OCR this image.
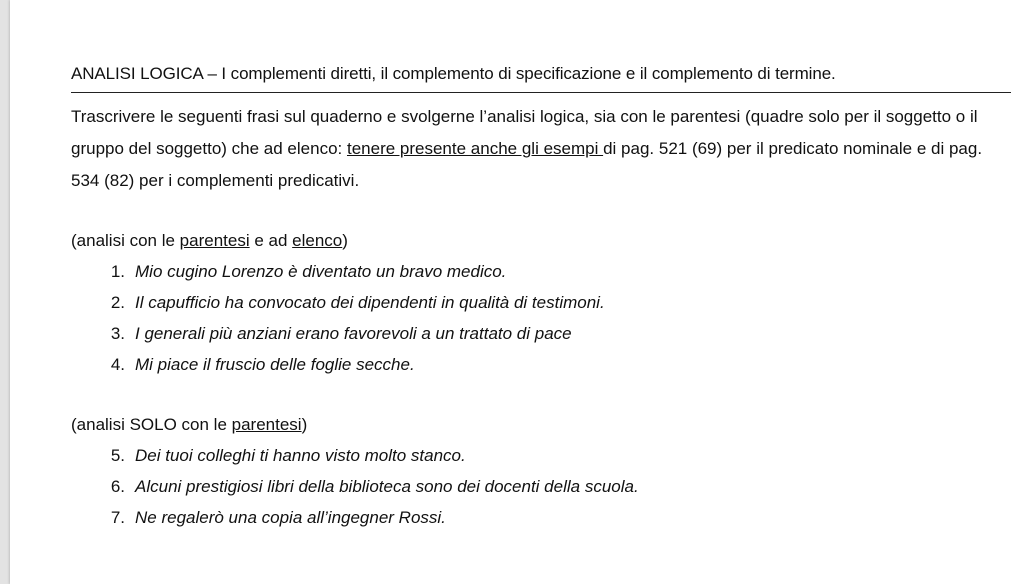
ANALISI LOGICA – I complementi diretti, il complemento di specificazione e il complemento di termine.

Trascrivere le seguenti frasi sul quaderno e svolgerne l’analisi logica, sia con le parentesi (quadre solo per il soggetto o il gruppo del soggetto) che ad elenco: tenere presente anche gli esempi di pag. 521 (69) per il predicato nominale e di pag. 534 (82) per i complementi predicativi.

(analisi con le parentesi e ad elenco)

1. Mio cugino Lorenzo è diventato un bravo medico.
2. Il capufficio ha convocato dei dipendenti in qualità di testimoni.
3. I generali più anziani erano favorevoli a un trattato di pace
4. Mi piace il fruscio delle foglie secche.

(analisi SOLO con le parentesi)

5. Dei tuoi colleghi ti hanno visto molto stanco.
6. Alcuni prestigiosi libri della biblioteca sono dei docenti della scuola.
7. Ne regalerò una copia all’ingegner Rossi.
